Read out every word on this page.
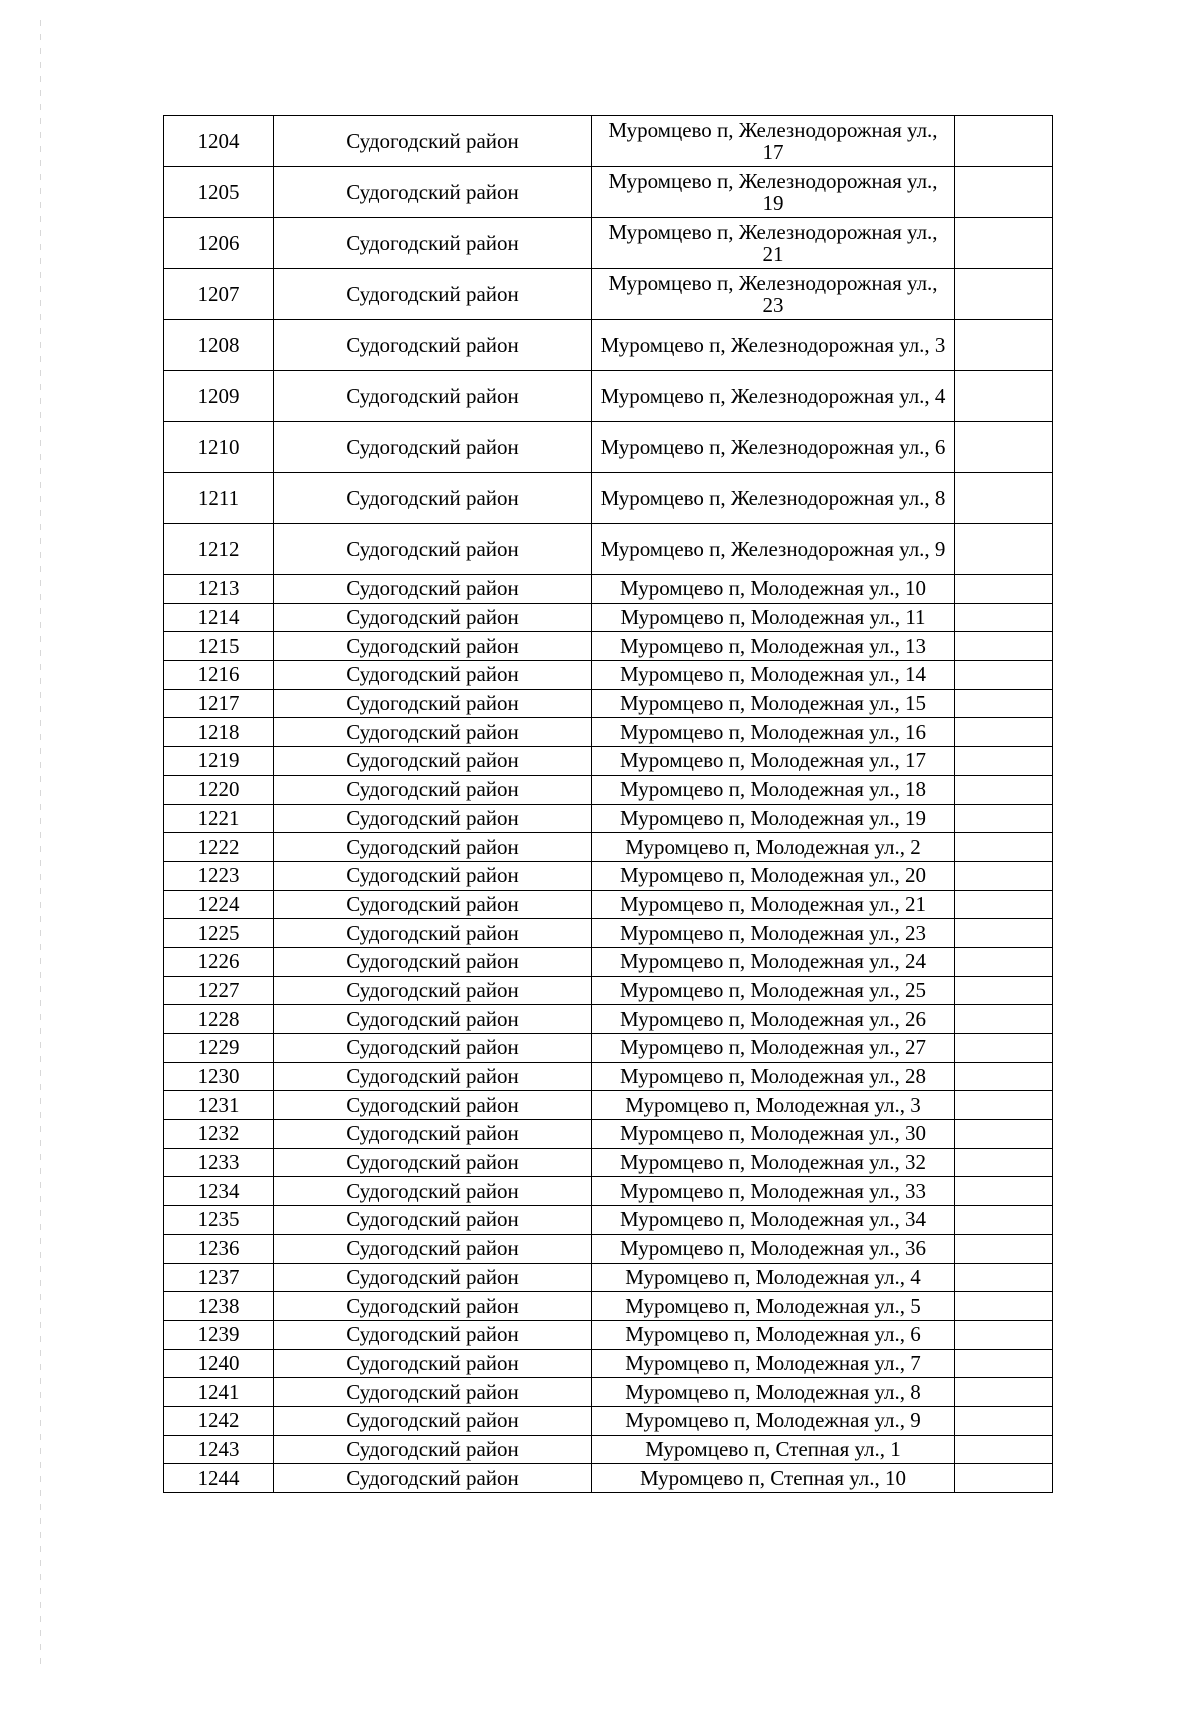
1204	Судогодский район	Муромцево п, Железнодорожная ул., 17	
1205	Судогодский район	Муромцево п, Железнодорожная ул., 19	
1206	Судогодский район	Муромцево п, Железнодорожная ул., 21	
1207	Судогодский район	Муромцево п, Железнодорожная ул., 23	
1208	Судогодский район	Муромцево п, Железнодорожная ул., 3	
1209	Судогодский район	Муромцево п, Железнодорожная ул., 4	
1210	Судогодский район	Муромцево п, Железнодорожная ул., 6	
1211	Судогодский район	Муромцево п, Железнодорожная ул., 8	
1212	Судогодский район	Муромцево п, Железнодорожная ул., 9	
1213	Судогодский район	Муромцево п, Молодежная ул., 10	
1214	Судогодский район	Муромцево п, Молодежная ул., 11	
1215	Судогодский район	Муромцево п, Молодежная ул., 13	
1216	Судогодский район	Муромцево п, Молодежная ул., 14	
1217	Судогодский район	Муромцево п, Молодежная ул., 15	
1218	Судогодский район	Муромцево п, Молодежная ул., 16	
1219	Судогодский район	Муромцево п, Молодежная ул., 17	
1220	Судогодский район	Муромцево п, Молодежная ул., 18	
1221	Судогодский район	Муромцево п, Молодежная ул., 19	
1222	Судогодский район	Муромцево п, Молодежная ул., 2	
1223	Судогодский район	Муромцево п, Молодежная ул., 20	
1224	Судогодский район	Муромцево п, Молодежная ул., 21	
1225	Судогодский район	Муромцево п, Молодежная ул., 23	
1226	Судогодский район	Муромцево п, Молодежная ул., 24	
1227	Судогодский район	Муромцево п, Молодежная ул., 25	
1228	Судогодский район	Муромцево п, Молодежная ул., 26	
1229	Судогодский район	Муромцево п, Молодежная ул., 27	
1230	Судогодский район	Муромцево п, Молодежная ул., 28	
1231	Судогодский район	Муромцево п, Молодежная ул., 3	
1232	Судогодский район	Муромцево п, Молодежная ул., 30	
1233	Судогодский район	Муромцево п, Молодежная ул., 32	
1234	Судогодский район	Муромцево п, Молодежная ул., 33	
1235	Судогодский район	Муромцево п, Молодежная ул., 34	
1236	Судогодский район	Муромцево п, Молодежная ул., 36	
1237	Судогодский район	Муромцево п, Молодежная ул., 4	
1238	Судогодский район	Муромцево п, Молодежная ул., 5	
1239	Судогодский район	Муромцево п, Молодежная ул., 6	
1240	Судогодский район	Муромцево п, Молодежная ул., 7	
1241	Судогодский район	Муромцево п, Молодежная ул., 8	
1242	Судогодский район	Муромцево п, Молодежная ул., 9	
1243	Судогодский район	Муромцево п, Степная ул., 1	
1244	Судогодский район	Муромцево п, Степная ул., 10	
